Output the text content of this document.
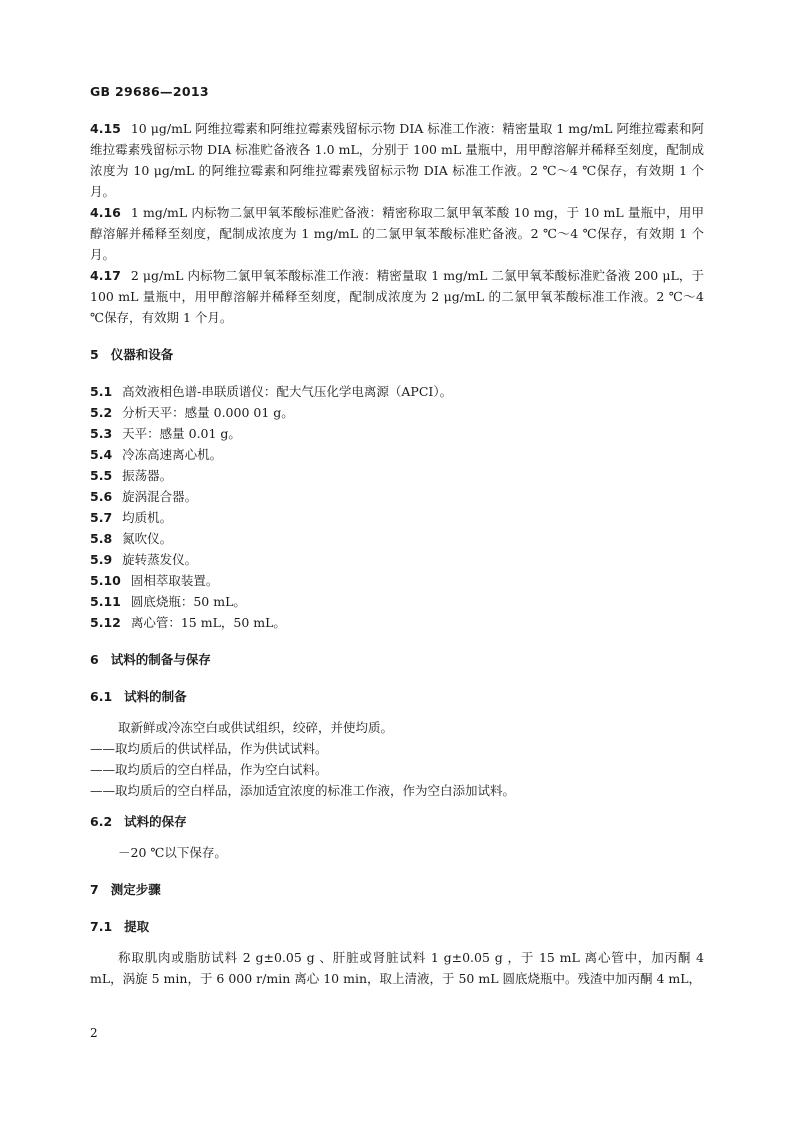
GB 29686—2013

4.15 10 μg/mL 阿维拉霉素和阿维拉霉素残留标示物 DIA 标准工作液：精密量取 1 mg/mL 阿维拉霉素和阿维拉霉素残留标示物 DIA 标准贮备液各 1.0 mL，分别于 100 mL 量瓶中，用甲醇溶解并稀释至刻度，配制成浓度为 10 μg/mL 的阿维拉霉素和阿维拉霉素残留标示物 DIA 标准工作液。2 ℃～4 ℃保存，有效期 1 个月。

4.16 1 mg/mL 内标物二氯甲氧苯酸标准贮备液：精密称取二氯甲氧苯酸 10 mg，于 10 mL 量瓶中，用甲醇溶解并稀释至刻度，配制成浓度为 1 mg/mL 的二氯甲氧苯酸标准贮备液。2 ℃～4 ℃保存，有效期 1 个月。

4.17 2 μg/mL 内标物二氯甲氧苯酸标准工作液：精密量取 1 mg/mL 二氯甲氧苯酸标准贮备液 200 μL，于 100 mL 量瓶中，用甲醇溶解并稀释至刻度，配制成浓度为 2 μg/mL 的二氯甲氧苯酸标准工作液。2 ℃～4 ℃保存，有效期 1 个月。

5 仪器和设备

5.1 高效液相色谱-串联质谱仪：配大气压化学电离源（APCI）。

5.2 分析天平：感量 0.000 01 g。

5.3 天平：感量 0.01 g。

5.4 冷冻高速离心机。

5.5 振荡器。

5.6 旋涡混合器。

5.7 均质机。

5.8 氮吹仪。

5.9 旋转蒸发仪。

5.10 固相萃取装置。

5.11 圆底烧瓶：50 mL。

5.12 离心管：15 mL，50 mL。

6 试料的制备与保存

6.1 试料的制备

取新鲜或冷冻空白或供试组织，绞碎，并使均质。

——取均质后的供试样品，作为供试试料。

——取均质后的空白样品，作为空白试料。

——取均质后的空白样品，添加适宜浓度的标准工作液，作为空白添加试料。

6.2 试料的保存

－20 ℃以下保存。

7 测定步骤

7.1 提取

称取肌肉或脂肪试料 2 g±0.05 g 、肝脏或肾脏试料 1 g±0.05 g ，于 15 mL 离心管中，加丙酮 4 mL，涡旋 5 min，于 6 000 r/min 离心 10 min，取上清液，于 50 mL 圆底烧瓶中。残渣中加丙酮 4 mL，

2
